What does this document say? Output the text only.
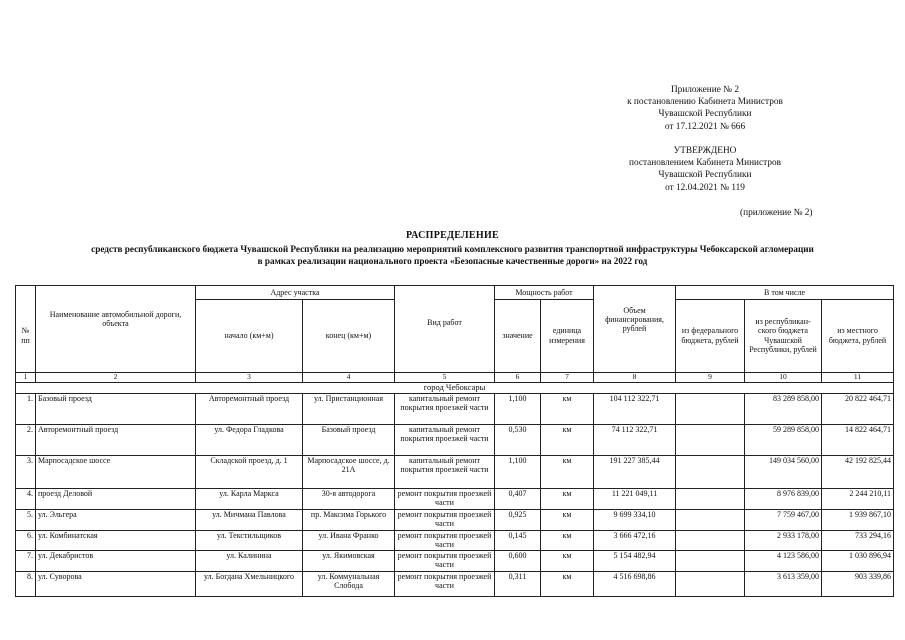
Приложение № 2
к постановлению Кабинета Министров
Чувашской Республики
от 17.12.2021 № 666
УТВЕРЖДЕНО
постановлением Кабинета Министров
Чувашской Республики
от 12.04.2021 № 119
(приложение № 2)
РАСПРЕДЕЛЕНИЕ
средств республиканского бюджета Чувашской Республики на реализацию мероприятий комплексного развития транспортной инфраструктуры Чебоксарской агломерации
в рамках реализации национального проекта «Безопасные качественные дороги» на 2022 год
		Адрес участка			Мощность работ			В том числе		
№ пп	Наименование автомобильной дороги, объекта	начало (км+м)	конец (км+м)	Вид работ	значение	единица измерения	Объем финансирования, рублей	из федерального бюджета, рублей	из республикан-ского бюджета Чувашской Республики, рублей	из местного бюджета, рублей
1	2	3	4	5	6	7	8	9	10	11
город Чебоксары										
1.	Базовый проезд	Авторемонтный проезд	ул. Пристанционная	капитальный ремонт покрытия проезжей части	1,100	км	104 112 322,71		83 289 858,00	20 822 464,71
2.	Авторемонтный проезд	ул. Федора Гладкова	Базовый проезд	капитальный ремонт покрытия проезжей части	0,530	км	74 112 322,71		59 289 858,00	14 822 464,71
3.	Марпосадское шоссе	Складской проезд, д. 1	Марпосадское шоссе, д. 21А	капитальный ремонт покрытия проезжей части	1,100	км	191 227 385,44		149 034 560,00	42 192 825,44
4.	проезд Деловой	ул. Карла Маркса	30-я автодорога	ремонт покрытия проезжей части	0,407	км	11 221 049,11		8 976 839,00	2 244 210,11
5.	ул. Эльгера	ул. Мичмана Павлова	пр. Максима Горького	ремонт покрытия проезжей части	0,925	км	9 699 334,10		7 759 467,00	1 939 867,10
6.	ул. Комбинатская	ул. Текстильщиков	ул. Ивана Франко	ремонт покрытия проезжей части	0,145	км	3 666 472,16		2 933 178,00	733 294,16
7.	ул. Декабристов	ул. Калинина	ул. Якимовская	ремонт покрытия проезжей части	0,600	км	5 154 482,94		4 123 586,00	1 030 896,94
8.	ул. Суворова	ул. Богдана Хмельницкого	ул. Коммунальная Слобода	ремонт покрытия проезжей части	0,311	км	4 516 698,86		3 613 359,00	903 339,86
